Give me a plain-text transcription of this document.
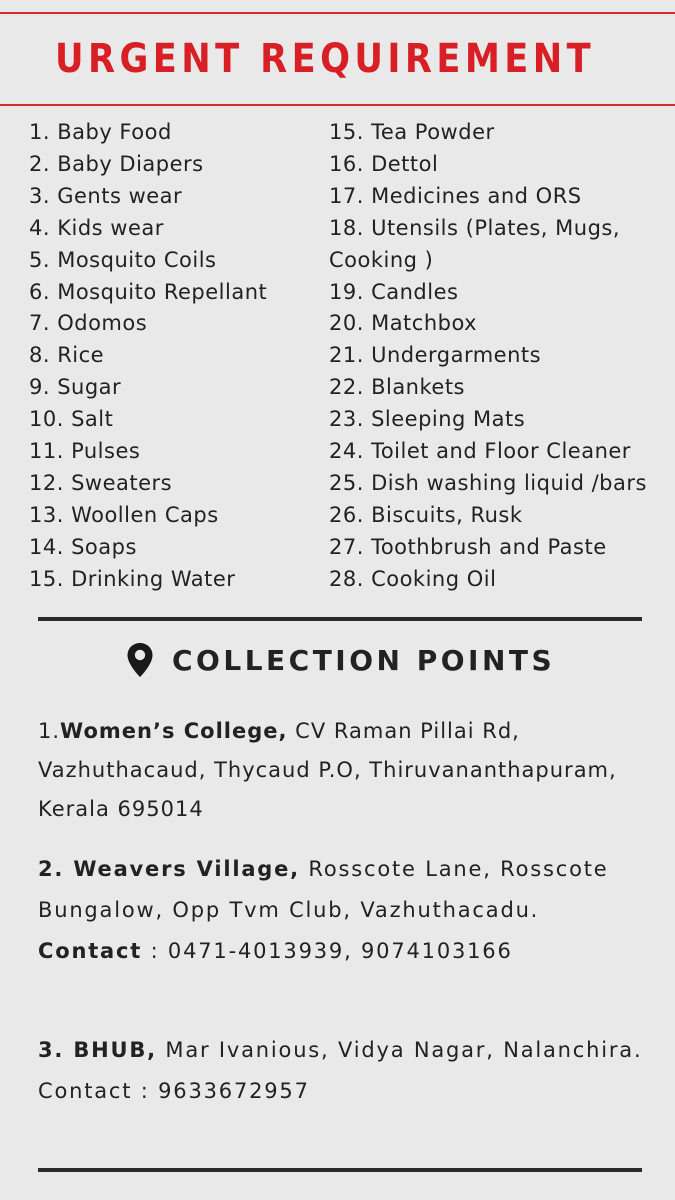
URGENT REQUIREMENT
1. Baby Food
2. Baby Diapers
3. Gents wear
4. Kids wear
5. Mosquito Coils
6. Mosquito Repellant
7. Odomos
8. Rice
9. Sugar
10. Salt
11. Pulses
12. Sweaters
13. Woollen Caps
14. Soaps
15. Drinking Water
15. Tea Powder
16. Dettol
17. Medicines and ORS
18. Utensils (Plates, Mugs, Cooking )
19. Candles
20. Matchbox
21. Undergarments
22. Blankets
23. Sleeping Mats
24. Toilet and Floor Cleaner
25. Dish washing liquid /bars
26. Biscuits, Rusk
27. Toothbrush and Paste
28. Cooking Oil
COLLECTION POINTS
1.Women’s College, CV Raman Pillai Rd, Vazhuthacaud, Thycaud P.O, Thiruvananthapuram, Kerala 695014
2. Weavers Village, Rosscote Lane, Rosscote Bungalow, Opp Tvm Club, Vazhuthacadu.
Contact : 0471-4013939, 9074103166
3. BHUB, Mar Ivanious, Vidya Nagar, Nalanchira.
Contact : 9633672957
